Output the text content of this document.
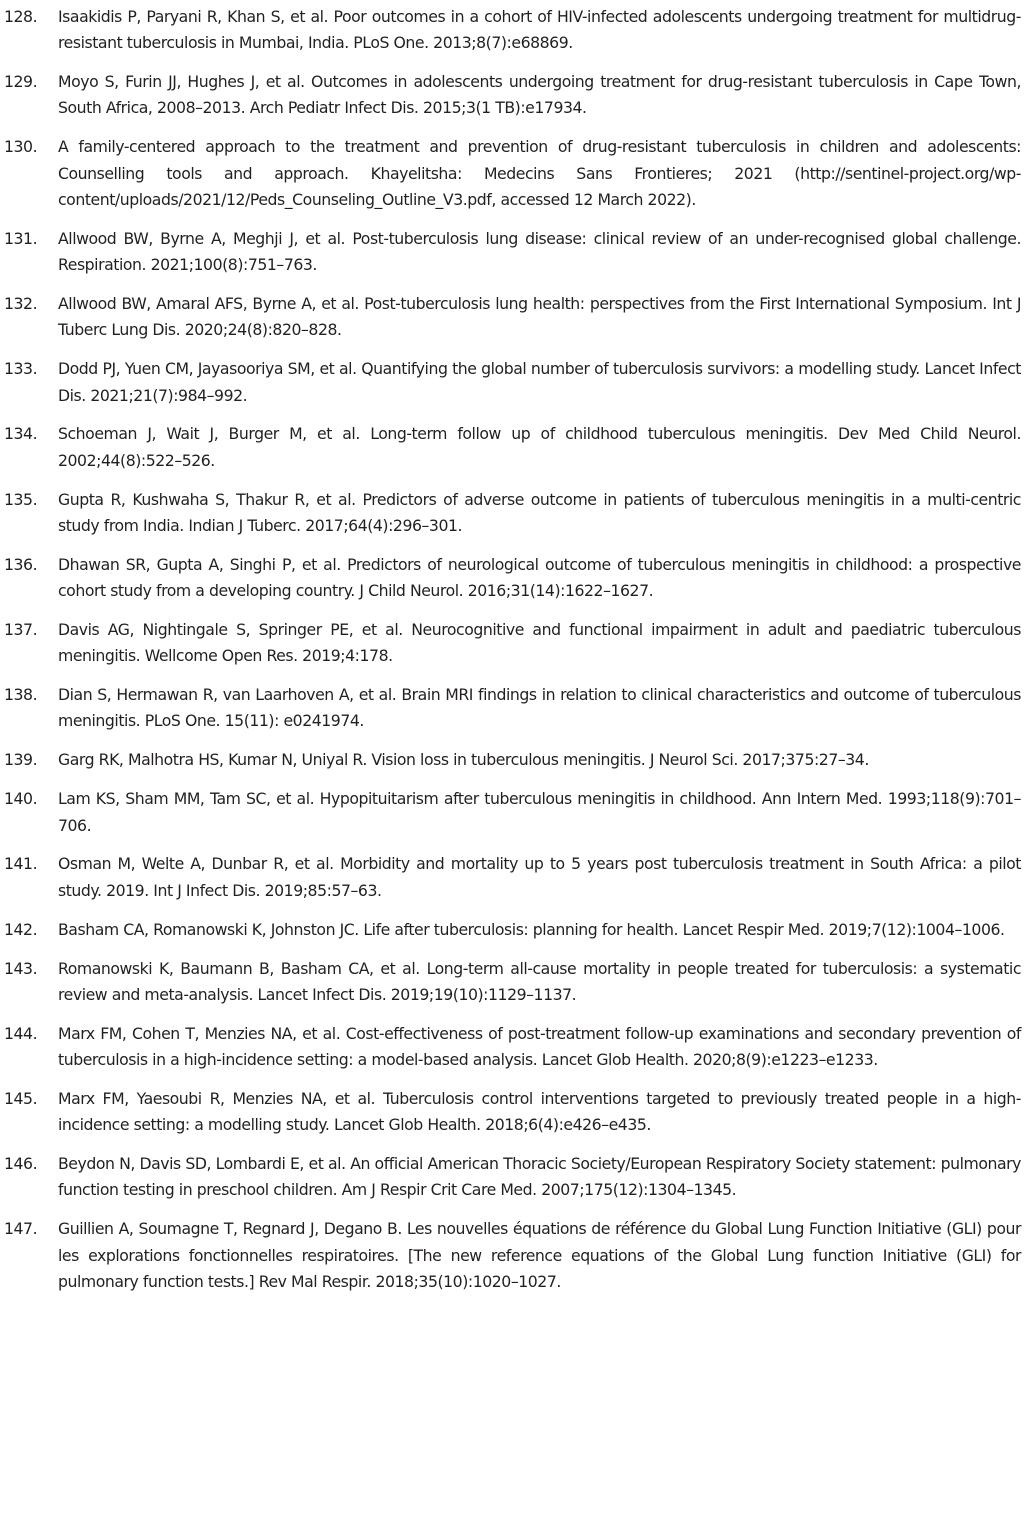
128.	Isaakidis P, Paryani R, Khan S, et al. Poor outcomes in a cohort of HIV-infected adolescents undergoing treatment for multidrug-resistant tuberculosis in Mumbai, India. PLoS One. 2013;8(7):e68869.
129.	Moyo S, Furin JJ, Hughes J, et al. Outcomes in adolescents undergoing treatment for drug-resistant tuberculosis in Cape Town, South Africa, 2008–2013. Arch Pediatr Infect Dis. 2015;3(1 TB):e17934.
130.	A family-centered approach to the treatment and prevention of drug-resistant tuberculosis in children and adolescents: Counselling tools and approach. Khayelitsha: Medecins Sans Frontieres; 2021 (http://sentinel-project.org/wp-content/uploads/2021/12/Peds_Counseling_Outline_V3.pdf, accessed 12 March 2022).
131.	Allwood BW, Byrne A, Meghji J, et al. Post-tuberculosis lung disease: clinical review of an under-recognised global challenge. Respiration. 2021;100(8):751–763.
132.	Allwood BW, Amaral AFS, Byrne A, et al. Post-tuberculosis lung health: perspectives from the First International Symposium. Int J Tuberc Lung Dis. 2020;24(8):820–828.
133.	Dodd PJ, Yuen CM, Jayasooriya SM, et al. Quantifying the global number of tuberculosis survivors: a modelling study. Lancet Infect Dis. 2021;21(7):984–992.
134.	Schoeman J, Wait J, Burger M, et al. Long-term follow up of childhood tuberculous meningitis. Dev Med Child Neurol. 2002;44(8):522–526.
135.	Gupta R, Kushwaha S, Thakur R, et al. Predictors of adverse outcome in patients of tuberculous meningitis in a multi-centric study from India. Indian J Tuberc. 2017;64(4):296–301.
136.	Dhawan SR, Gupta A, Singhi P, et al. Predictors of neurological outcome of tuberculous meningitis in childhood: a prospective cohort study from a developing country. J Child Neurol. 2016;31(14):1622–1627.
137.	Davis AG, Nightingale S, Springer PE, et al. Neurocognitive and functional impairment in adult and paediatric tuberculous meningitis. Wellcome Open Res. 2019;4:178.
138.	Dian S, Hermawan R, van Laarhoven A, et al. Brain MRI findings in relation to clinical characteristics and outcome of tuberculous meningitis. PLoS One. 15(11): e0241974.
139.	Garg RK, Malhotra HS, Kumar N, Uniyal R. Vision loss in tuberculous meningitis. J Neurol Sci. 2017;375:27–34.
140.	Lam KS, Sham MM, Tam SC, et al. Hypopituitarism after tuberculous meningitis in childhood. Ann Intern Med. 1993;118(9):701–706.
141.	Osman M, Welte A, Dunbar R, et al. Morbidity and mortality up to 5 years post tuberculosis treatment in South Africa: a pilot study. 2019. Int J Infect Dis. 2019;85:57–63.
142.	Basham CA, Romanowski K, Johnston JC. Life after tuberculosis: planning for health. Lancet Respir Med. 2019;7(12):1004–1006.
143.	Romanowski K, Baumann B, Basham CA, et al. Long-term all-cause mortality in people treated for tuberculosis: a systematic review and meta-analysis. Lancet Infect Dis. 2019;19(10):1129–1137.
144.	Marx FM, Cohen T, Menzies NA, et al. Cost-effectiveness of post-treatment follow-up examinations and secondary prevention of tuberculosis in a high-incidence setting: a model-based analysis. Lancet Glob Health. 2020;8(9):e1223–e1233.
145.	Marx FM, Yaesoubi R, Menzies NA, et al. Tuberculosis control interventions targeted to previously treated people in a high-incidence setting: a modelling study. Lancet Glob Health. 2018;6(4):e426–e435.
146.	Beydon N, Davis SD, Lombardi E, et al. An official American Thoracic Society/European Respiratory Society statement: pulmonary function testing in preschool children. Am J Respir Crit Care Med. 2007;175(12):1304–1345.
147.	Guillien A, Soumagne T, Regnard J, Degano B. Les nouvelles équations de référence du Global Lung Function Initiative (GLI) pour les explorations fonctionnelles respiratoires. [The new reference equations of the Global Lung function Initiative (GLI) for pulmonary function tests.] Rev Mal Respir. 2018;35(10):1020–1027.
